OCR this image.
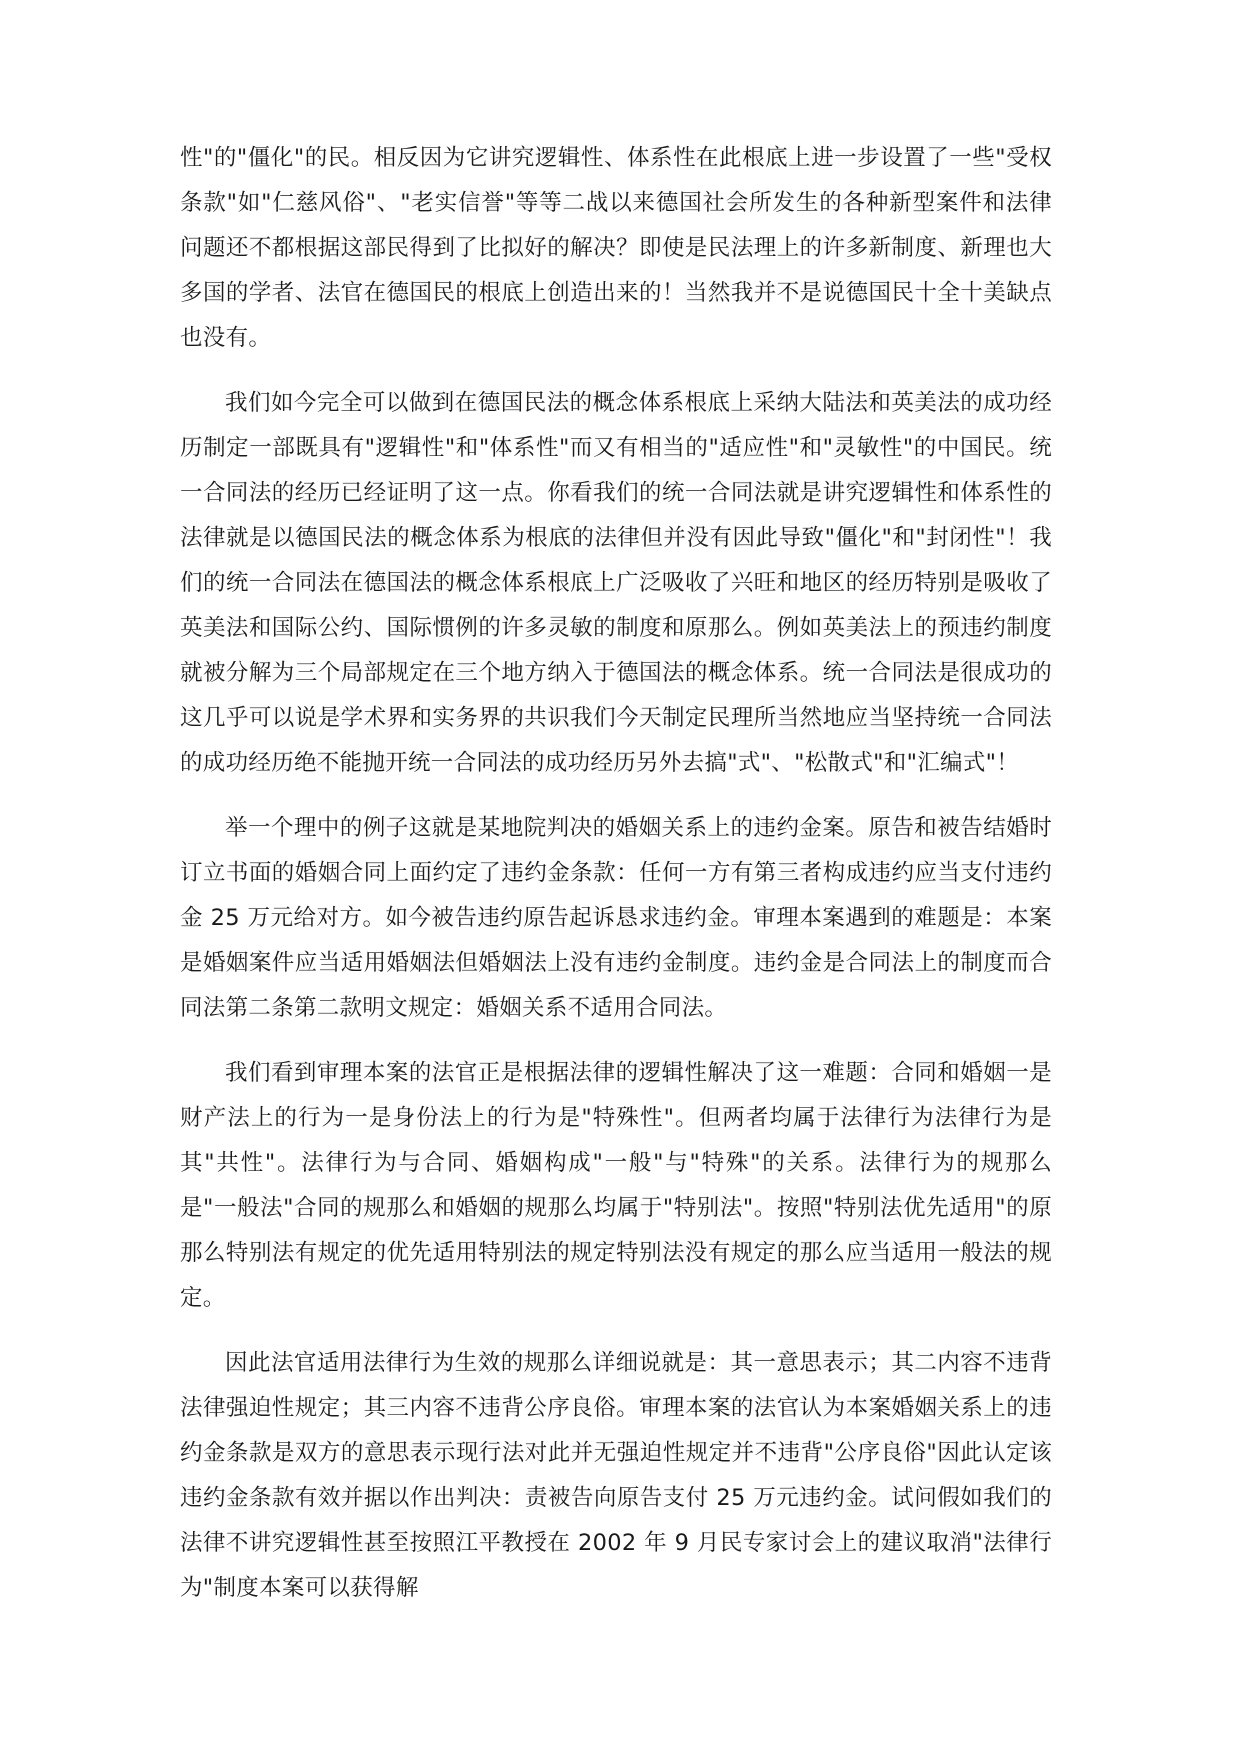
性"的"僵化"的民。相反因为它讲究逻辑性、体系性在此根底上进一步设置了一些"受权条款"如"仁慈风俗"、"老实信誉"等等二战以来德国社会所发生的各种新型案件和法律问题还不都根据这部民得到了比拟好的解决？即使是民法理上的许多新制度、新理也大多国的学者、法官在德国民的根底上创造出来的！当然我并不是说德国民十全十美缺点也没有。

我们如今完全可以做到在德国民法的概念体系根底上采纳大陆法和英美法的成功经历制定一部既具有"逻辑性"和"体系性"而又有相当的"适应性"和"灵敏性"的中国民。统一合同法的经历已经证明了这一点。你看我们的统一合同法就是讲究逻辑性和体系性的法律就是以德国民法的概念体系为根底的法律但并没有因此导致"僵化"和"封闭性"！我们的统一合同法在德国法的概念体系根底上广泛吸收了兴旺和地区的经历特别是吸收了英美法和国际公约、国际惯例的许多灵敏的制度和原那么。例如英美法上的预违约制度就被分解为三个局部规定在三个地方纳入于德国法的概念体系。统一合同法是很成功的这几乎可以说是学术界和实务界的共识我们今天制定民理所当然地应当坚持统一合同法的成功经历绝不能抛开统一合同法的成功经历另外去搞"式"、"松散式"和"汇编式"！

举一个理中的例子这就是某地院判决的婚姻关系上的违约金案。原告和被告结婚时订立书面的婚姻合同上面约定了违约金条款：任何一方有第三者构成违约应当支付违约金 25 万元给对方。如今被告违约原告起诉恳求违约金。审理本案遇到的难题是：本案是婚姻案件应当适用婚姻法但婚姻法上没有违约金制度。违约金是合同法上的制度而合同法第二条第二款明文规定：婚姻关系不适用合同法。

我们看到审理本案的法官正是根据法律的逻辑性解决了这一难题：合同和婚姻一是财产法上的行为一是身份法上的行为是"特殊性"。但两者均属于法律行为法律行为是其"共性"。法律行为与合同、婚姻构成"一般"与"特殊"的关系。法律行为的规那么是"一般法"合同的规那么和婚姻的规那么均属于"特别法"。按照"特别法优先适用"的原那么特别法有规定的优先适用特别法的规定特别法没有规定的那么应当适用一般法的规定。

因此法官适用法律行为生效的规那么详细说就是：其一意思表示；其二内容不违背法律强迫性规定；其三内容不违背公序良俗。审理本案的法官认为本案婚姻关系上的违约金条款是双方的意思表示现行法对此并无强迫性规定并不违背"公序良俗"因此认定该违约金条款有效并据以作出判决：责被告向原告支付 25 万元违约金。试问假如我们的法律不讲究逻辑性甚至按照江平教授在 2002 年 9 月民专家讨会上的建议取消"法律行为"制度本案可以获得解
